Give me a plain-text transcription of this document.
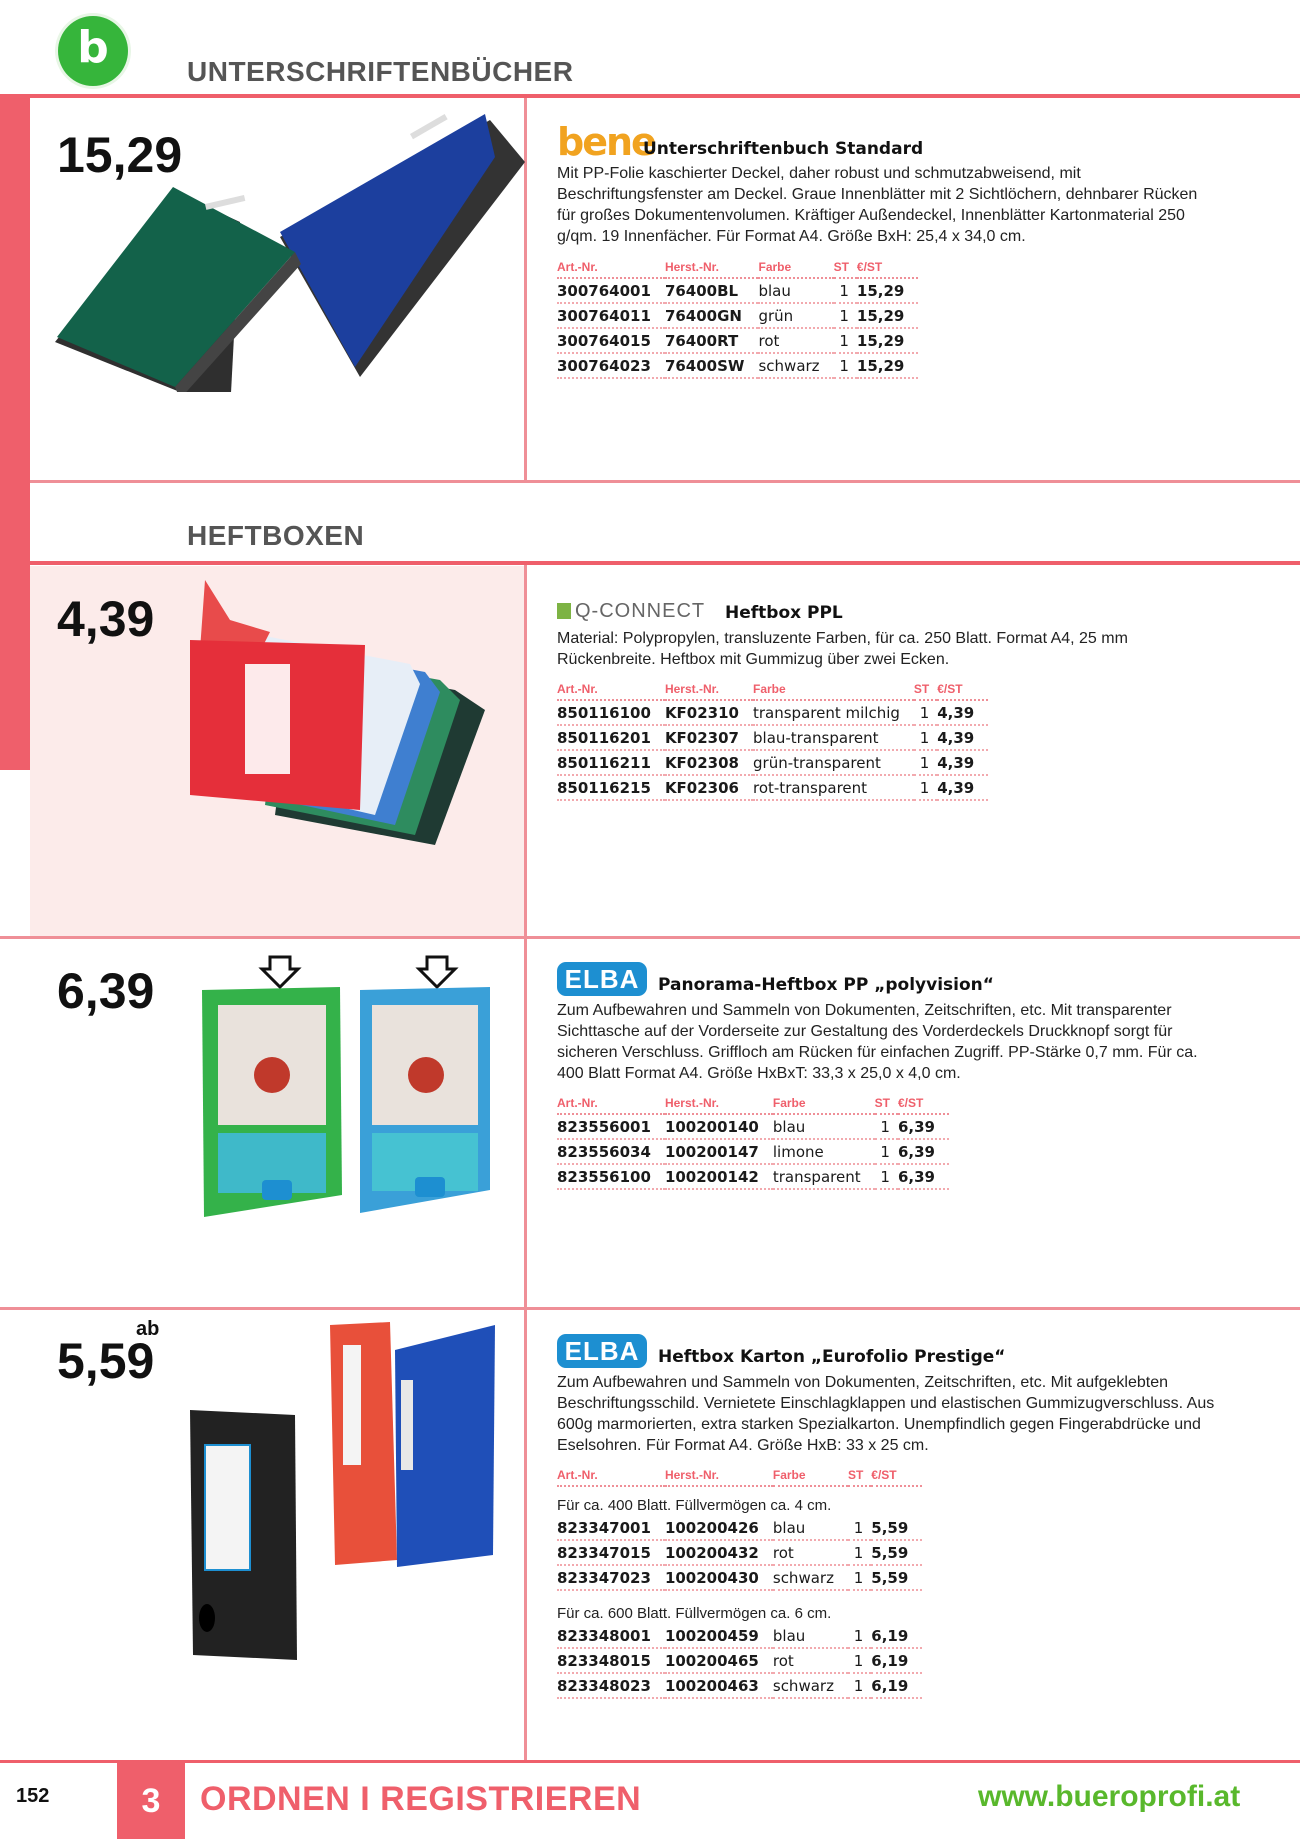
b	UNTERSCHRIFTENBÜCHER
HEFTBOXEN
15,29	bene
Unterschriftenbuch Standard
Mit PP-Folie kaschierter Deckel, daher robust und schmutzabweisend, mit Beschriftungsfenster am Deckel. Graue Innenblätter mit 2 Sichtlöchern, dehnbarer Rücken für großes Dokumentenvolumen. Kräftiger Außendeckel, Innenblätter Kartonmaterial 250 g/qm. 19 Innenfächer. Für Format A4. Größe BxH: 25,4 x 34,0 cm.
Art.-Nr.	Herst.-Nr.	Farbe	ST	€/ST
300764001	76400BL	blau	1	15,29
300764011	76400GN	grün	1	15,29
300764015	76400RT	rot	1	15,29
300764023	76400SW	schwarz	1	15,29
4,39	Q-CONNECT Heftbox PPL
Material: Polypropylen, transluzente Farben, für ca. 250 Blatt. Format A4, 25 mm Rückenbreite. Heftbox mit Gummizug über zwei Ecken.
Art.-Nr.	Herst.-Nr.	Farbe	ST	€/ST
850116100	KF02310	transparent milchig	1	4,39
850116201	KF02307	blau-transparent	1	4,39
850116211	KF02308	grün-transparent	1	4,39
850116215	KF02306	rot-transparent	1	4,39
6,39	ELBA	Panorama-Heftbox PP „polyvision“
Zum Aufbewahren und Sammeln von Dokumenten, Zeitschriften, etc. Mit transparenter Sichttasche auf der Vorderseite zur Gestaltung des Vorderdeckels Druckknopf sorgt für sicheren Verschluss. Griffloch am Rücken für einfachen Zugriff. PP-Stärke 0,7 mm. Für ca. 400 Blatt Format A4. Größe HxBxT: 33,3 x 25,0 x 4,0 cm.
Art.-Nr.	Herst.-Nr.	Farbe	ST	€/ST
823556001	100200140	blau	1	6,39
823556034	100200147	limone	1	6,39
823556100	100200142	transparent	1	6,39
ab
5,59	ELBA	Heftbox Karton „Eurofolio Prestige“
Zum Aufbewahren und Sammeln von Dokumenten, Zeitschriften, etc. Mit aufgeklebten Beschriftungsschild. Vernietete Einschlagklappen und elastischen Gummizugverschluss. Aus 600g marmorierten, extra starken Spezialkarton. Unempfindlich gegen Fingerabdrücke und Eselsohren. Für Format A4. Größe HxB: 33 x 25 cm.
Art.-Nr.	Herst.-Nr.	Farbe	ST	€/ST
Für ca. 400 Blatt. Füllvermögen ca. 4 cm.				
823347001	100200426	blau	1	5,59
823347015	100200432	rot	1	5,59
823347023	100200430	schwarz	1	5,59
Für ca. 600 Blatt. Füllvermögen ca. 6 cm.				
823348001	100200459	blau	1	6,19
823348015	100200465	rot	1	6,19
823348023	100200463	schwarz	1	6,19
152	3	ORDNEN I REGISTRIEREN	www.bueroprofi.at
